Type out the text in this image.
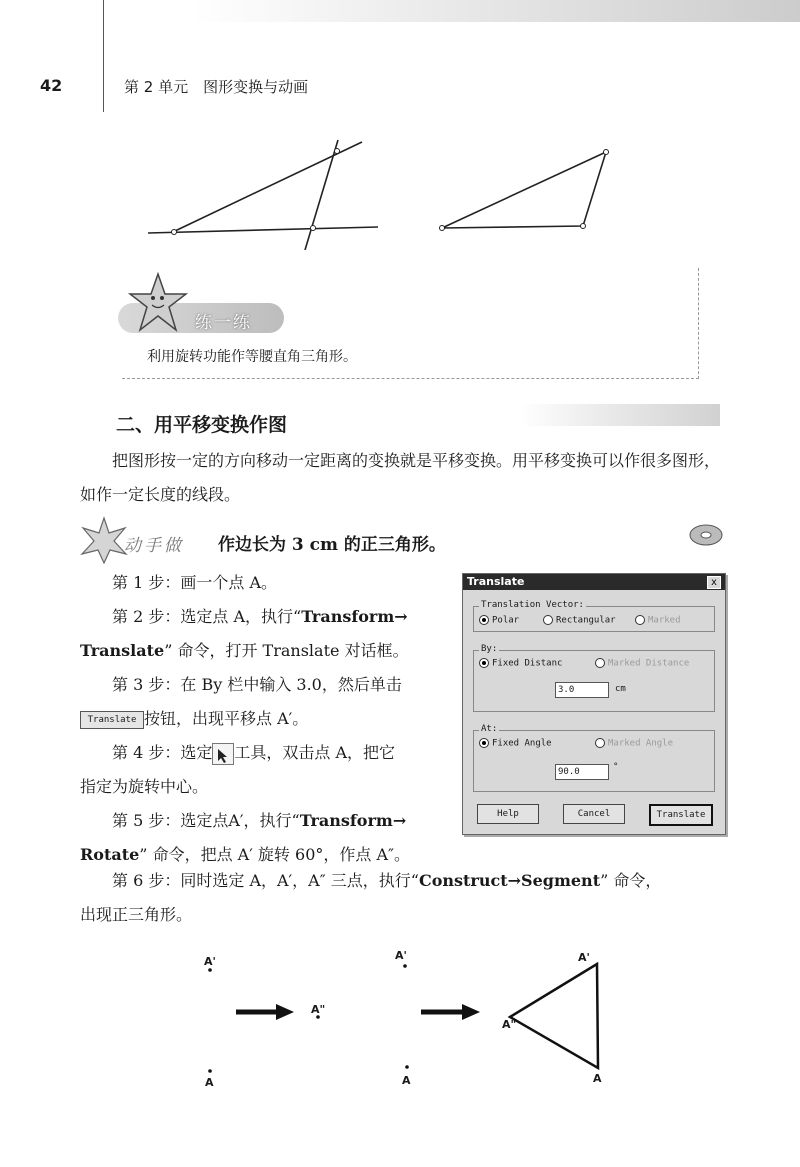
42	第 2 单元　图形变换与动画
练一练
利用旋转功能作等腰直角三角形。
二、用平移变换作图
把图形按一定的方向移动一定距离的变换就是平移变换。用平移变换可以作很多图形，如作一定长度的线段。
动手做 作边长为 3 cm 的正三角形。
第 1 步：画一个点 A。
第 2 步：选定点 A，执行“Transform→
Translate” 命令，打开 Translate 对话框。
第 3 步：在 By 栏中输入 3.0，然后单击
Translate 按钮，出现平移点 A′。
第 4 步：选定 工具，双击点 A，把它
指定为旋转中心。
第 5 步：选定点A′，执行“Transform→
Rotate” 命令，把点 A′ 旋转 60°，作点 A″。
第 6 步：同时选定 A，A′，A″ 三点，执行“Construct→Segment” 命令，
出现正三角形。
Translate	x
Translation Vector:
Polar	Rectangular	Marked
By:
Fixed Distanc	Marked Distance
3.0	cm
At:
Fixed Angle	Marked Angle
90.0	°
Help	Cancel	Translate
A'
A"
A
A'
A
A'
A"
A
